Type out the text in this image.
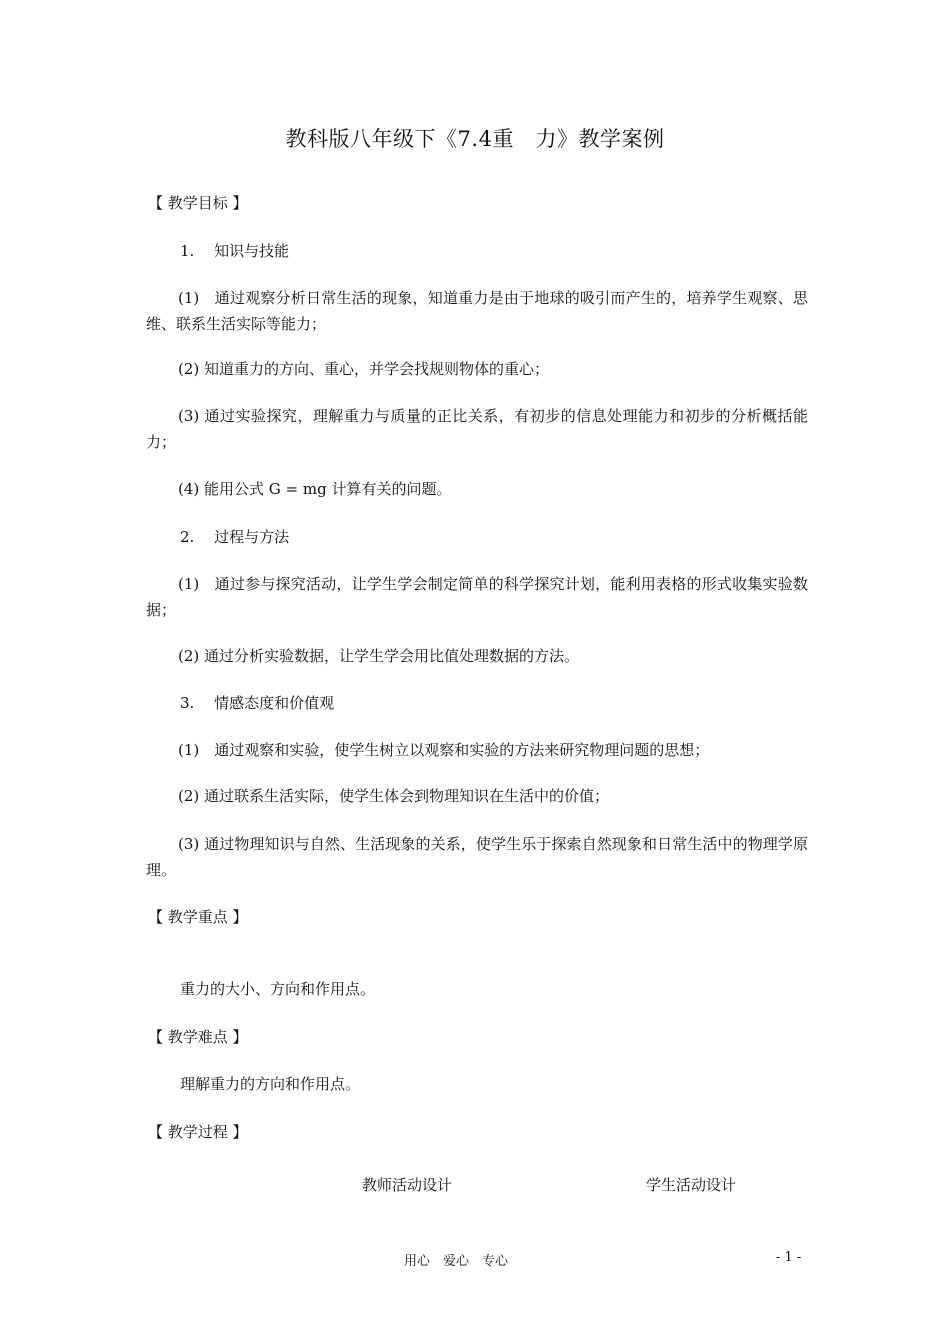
教科版八年级下《7.4重　力》教学案例
【 教学目标 】
1.　 知识与技能
(1)　通过观察分析日常生活的现象，知道重力是由于地球的吸引而产生的，培养学生观察、思维、联系生活实际等能力；
(2) 知道重力的方向、重心，并学会找规则物体的重心；
(3) 通过实验探究，理解重力与质量的正比关系，有初步的信息处理能力和初步的分析概括能力；
(4) 能用公式 G = mg 计算有关的问题。
2.　 过程与方法
(1)　通过参与探究活动，让学生学会制定简单的科学探究计划，能利用表格的形式收集实验数据；
(2) 通过分析实验数据，让学生学会用比值处理数据的方法。
3.　 情感态度和价值观
(1)　通过观察和实验，使学生树立以观察和实验的方法来研究物理问题的思想；
(2) 通过联系生活实际，使学生体会到物理知识在生活中的价值；
(3) 通过物理知识与自然、生活现象的关系，使学生乐于探索自然现象和日常生活中的物理学原理。
【 教学重点 】
重力的大小、方向和作用点。
【 教学难点 】
理解重力的方向和作用点。
【 教学过程 】
教师活动设计	学生活动设计
用心　爱心　专心	- 1 -
